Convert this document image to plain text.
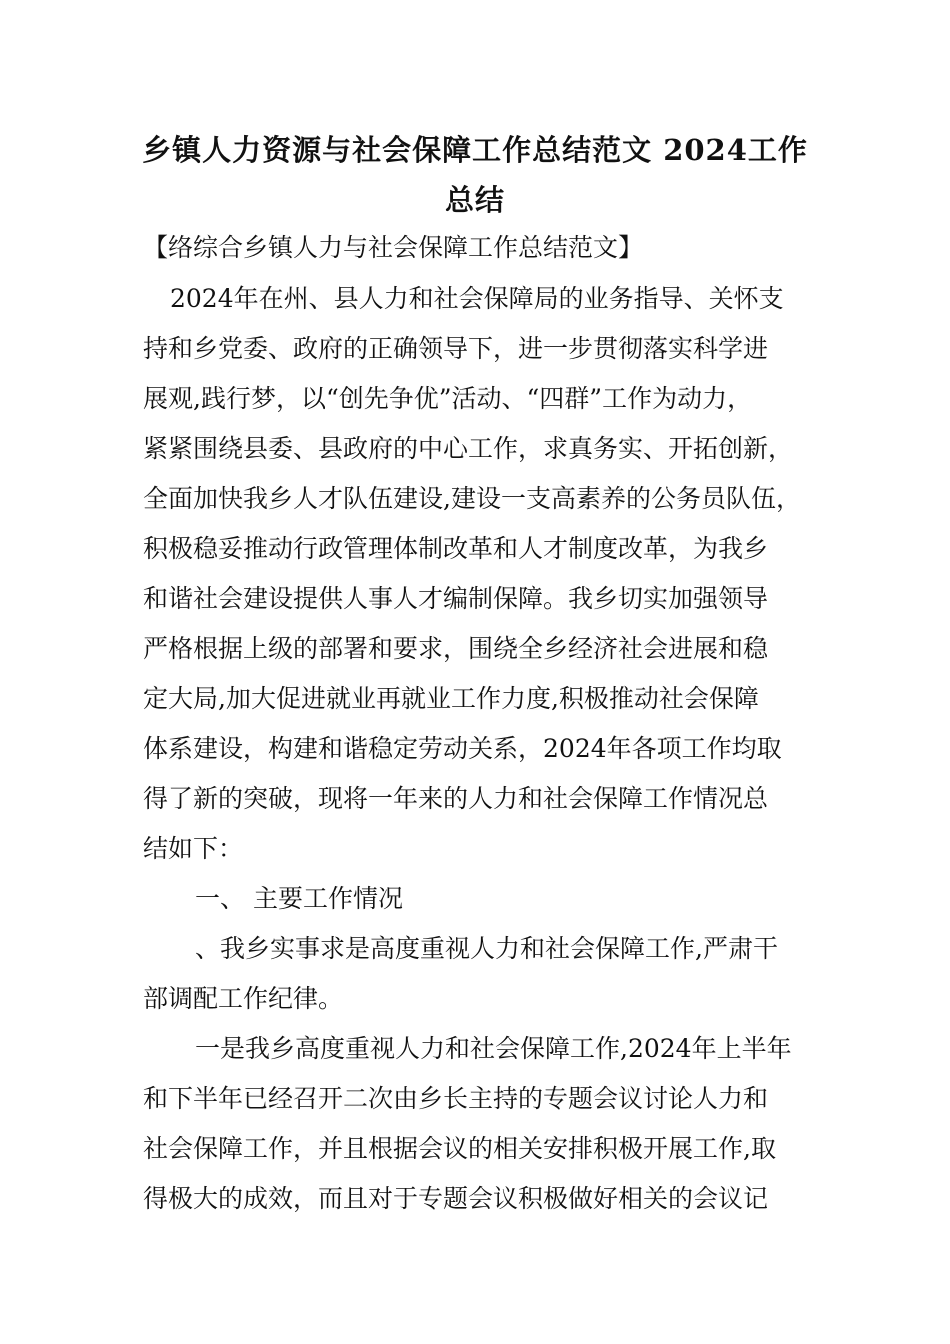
乡镇人力资源与社会保障工作总结范文 2024工作
总结
【络综合乡镇人力与社会保障工作总结范文】
2024年在州、县人力和社会保障局的业务指导、关怀支
持和乡党委、政府的正确领导下，进一步贯彻落实科学进
展观,践行梦，以“创先争优”活动、“四群”工作为动力，
紧紧围绕县委、县政府的中心工作，求真务实、开拓创新，
全面加快我乡人才队伍建设,建设一支高素养的公务员队伍，
积极稳妥推动行政管理体制改革和人才制度改革，为我乡
和谐社会建设提供人事人才编制保障。我乡切实加强领导
严格根据上级的部署和要求，围绕全乡经济社会进展和稳
定大局,加大促进就业再就业工作力度,积极推动社会保障
体系建设，构建和谐稳定劳动关系，2024年各项工作均取
得了新的突破，现将一年来的人力和社会保障工作情况总
结如下：
一、 主要工作情况
、我乡实事求是高度重视人力和社会保障工作,严肃干
部调配工作纪律。
一是我乡高度重视人力和社会保障工作,2024年上半年
和下半年已经召开二次由乡长主持的专题会议讨论人力和
社会保障工作，并且根据会议的相关安排积极开展工作,取
得极大的成效，而且对于专题会议积极做好相关的会议记
